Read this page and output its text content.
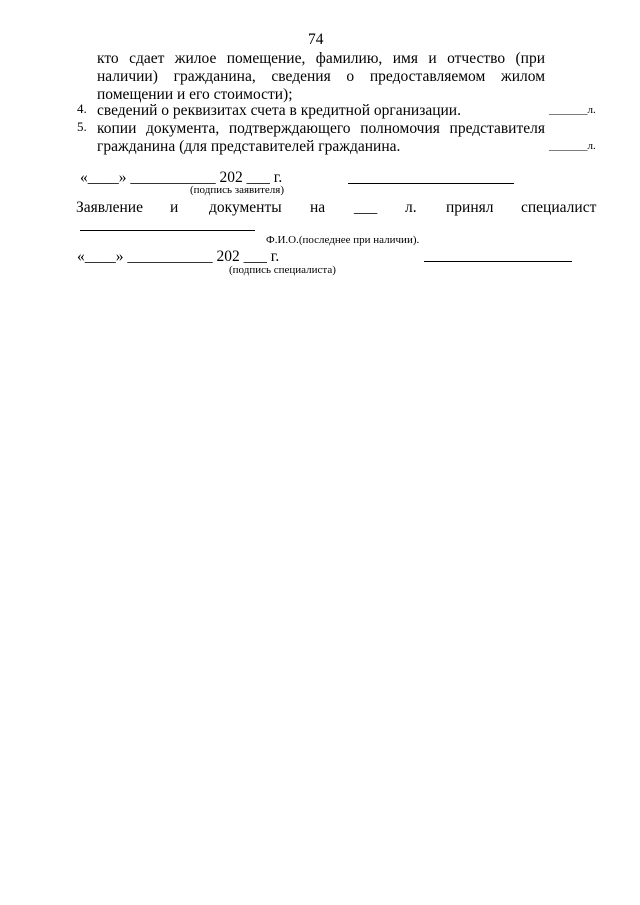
74
кто сдает жилое помещение, фамилию, имя и отчество (при
наличии) гражданина, сведения о предоставляемом жилом
помещении и его стоимости);
4. сведений о реквизитах счета в кредитной организации.	_______л.
5. копии документа, подтверждающего полномочия представителя
гражданина (для представителей гражданина.	_______л.
«____» ___________ 202 ___ г.
(подпись заявителя)
Заявление и документы на ___ л. принял специалист
Ф.И.О.(последнее при наличии).
«____» ___________ 202 ___ г.
(подпись специалиста)
